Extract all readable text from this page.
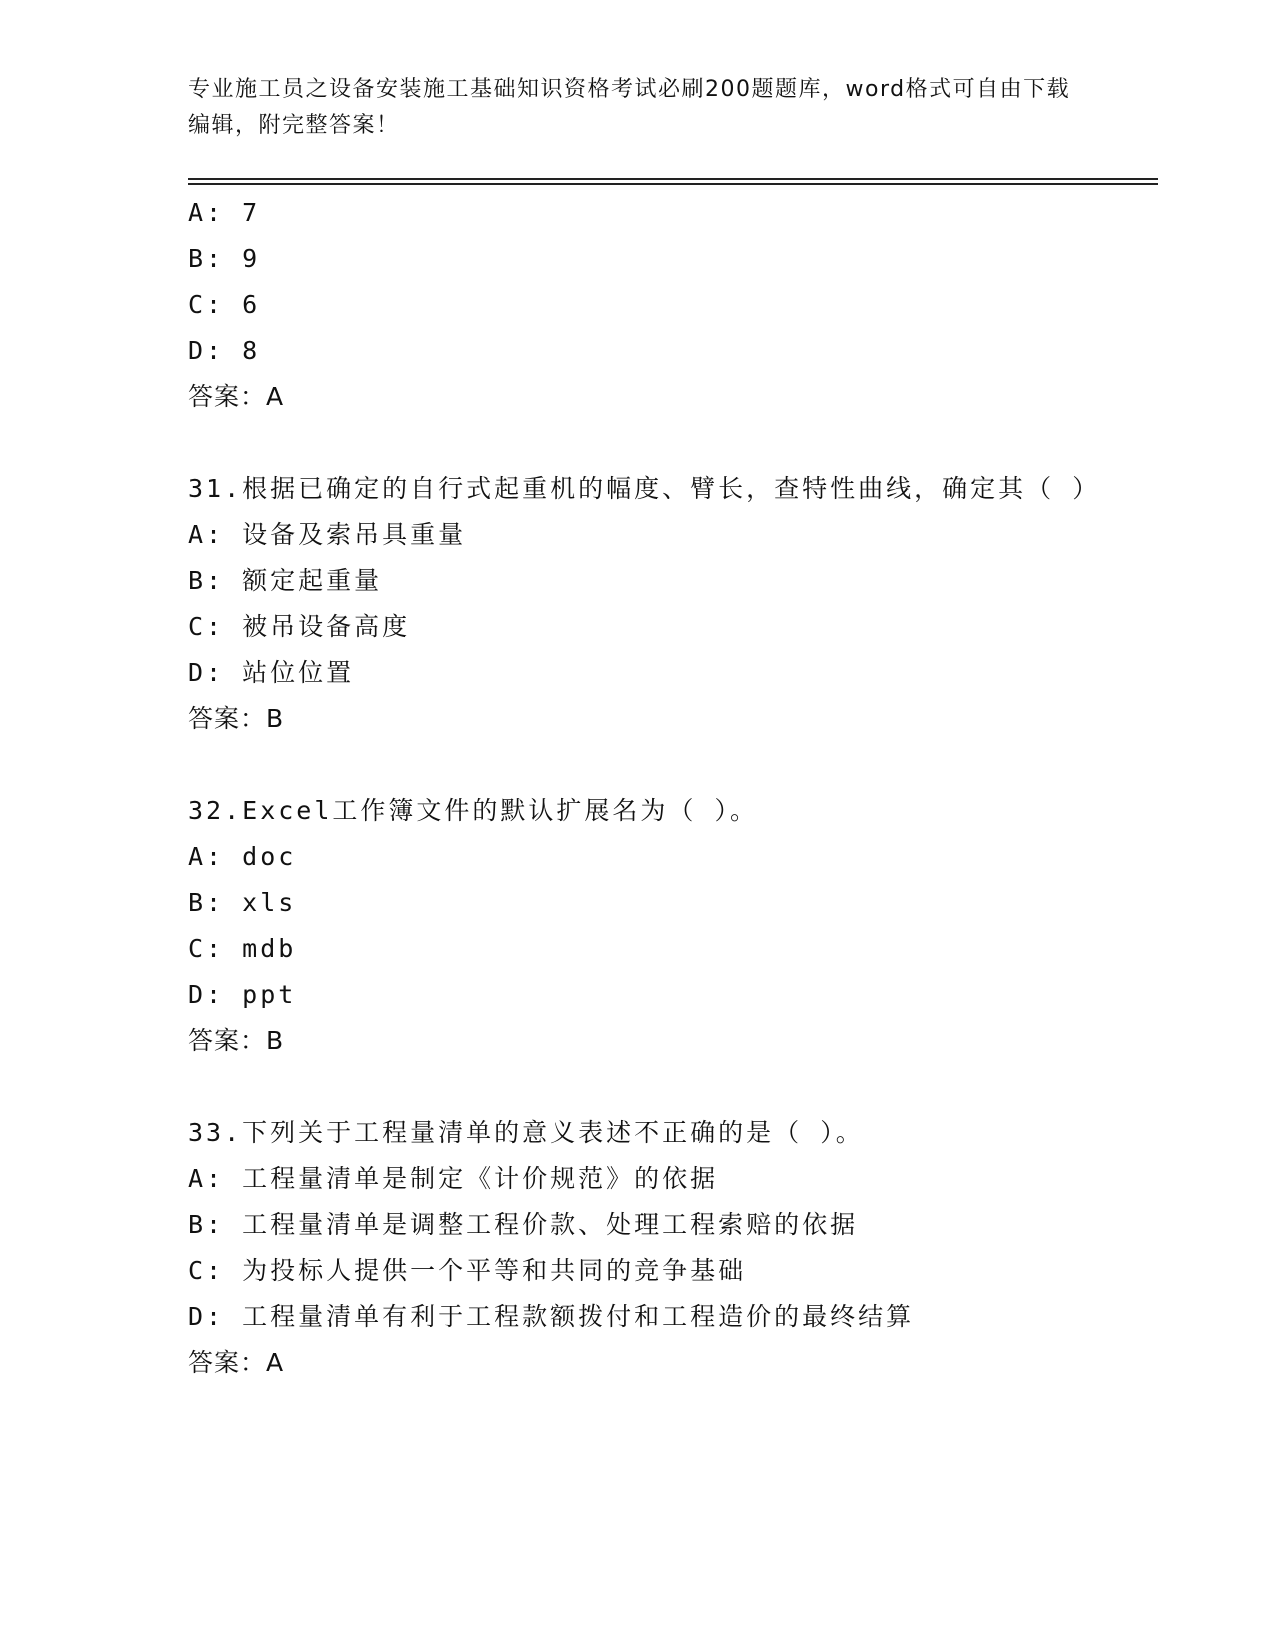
专业施工员之设备安装施工基础知识资格考试必刷200题题库，word格式可自由下载编辑，附完整答案！
A: 7
B: 9
C: 6
D: 8
答案：A
31.根据已确定的自行式起重机的幅度、臂长，查特性曲线，确定其（ ）
A: 设备及索吊具重量
B: 额定起重量
C: 被吊设备高度
D: 站位位置
答案：B
32.Excel工作簿文件的默认扩展名为（ ）。
A: doc
B: xls
C: mdb
D: ppt
答案：B
33.下列关于工程量清单的意义表述不正确的是（ ）。
A: 工程量清单是制定《计价规范》的依据
B: 工程量清单是调整工程价款、处理工程索赔的依据
C: 为投标人提供一个平等和共同的竞争基础
D: 工程量清单有利于工程款额拨付和工程造价的最终结算
答案：A
